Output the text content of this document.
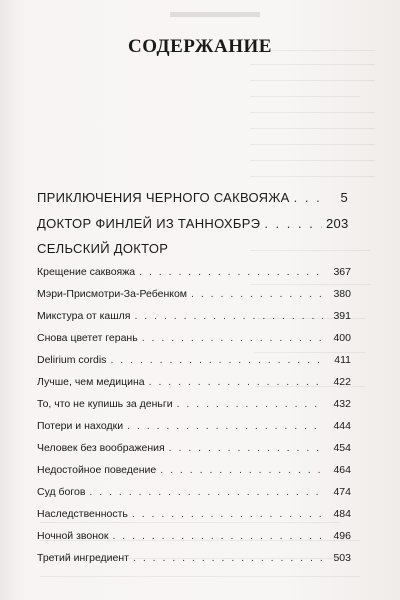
СОДЕРЖАНИЕ
ПРИКЛЮЧЕНИЯ ЧЕРНОГО САКВОЯЖА . . .	5
ДОКТОР ФИНЛЕЙ ИЗ ТАННОХБРЭ . . .	203
СЕЛЬСКИЙ ДОКТОР
Крещение саквояжа . . .	367
Мэри-Присмотри-За-Ребенком . . .	380
Микстура от кашля . . .	391
Снова цветет герань . . .	400
Delirium cordis . . .	411
Лучше, чем медицина . . .	422
То, что не купишь за деньги . . .	432
Потери и находки . . .	444
Человек без воображения . . .	454
Недостойное поведение . . .	464
Суд богов . . .	474
Наследственность . . .	484
Ночной звонок . . .	496
Третий ингредиент . . .	503
